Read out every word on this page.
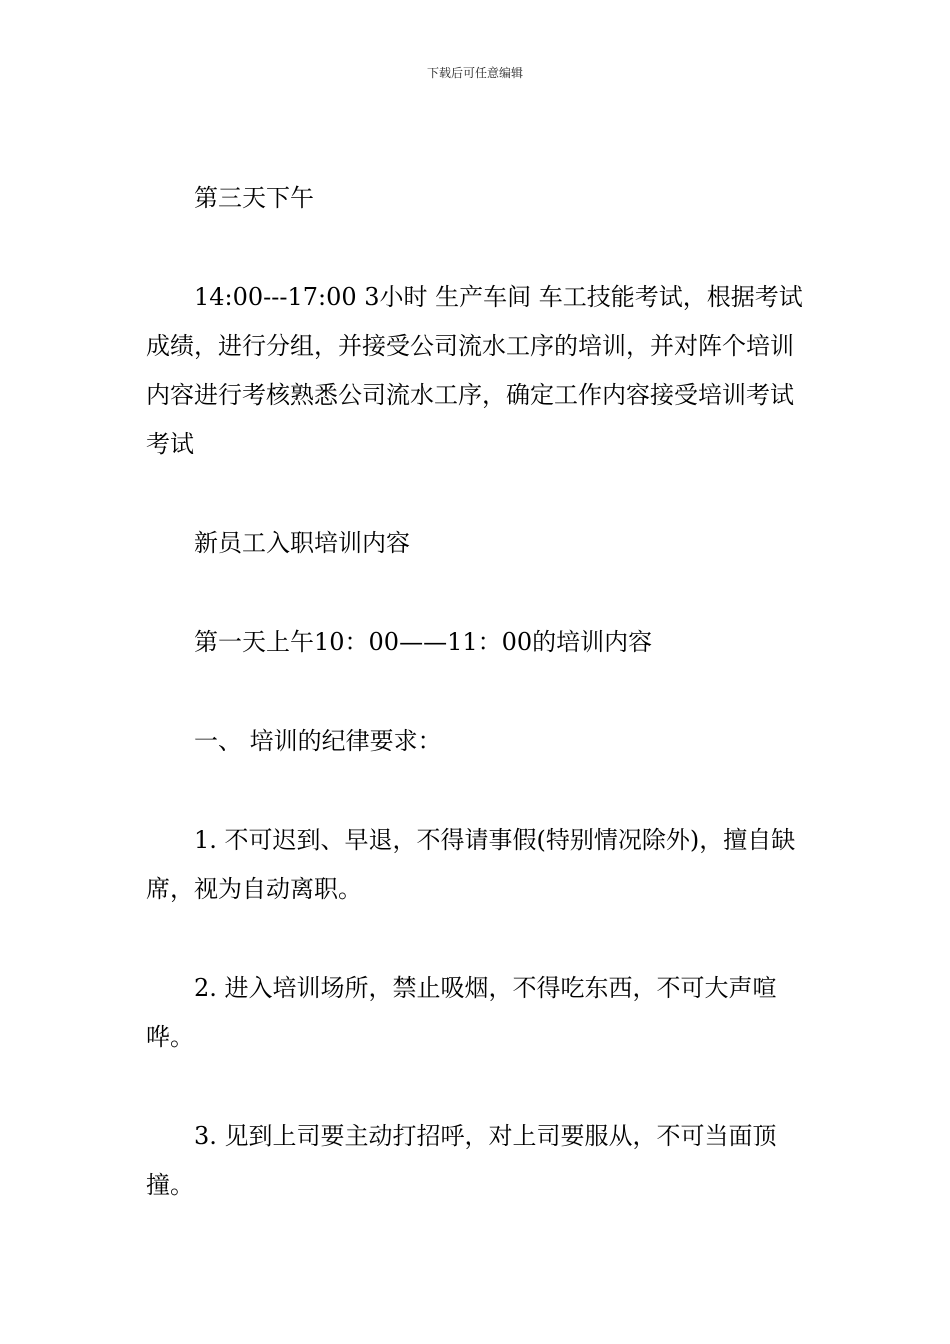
下载后可任意编辑

第三天下午

14:00---17:00 3小时 生产车间 车工技能考试，根据考试成绩，进行分组，并接受公司流水工序的培训，并对阵个培训内容进行考核熟悉公司流水工序，确定工作内容接受培训考试 考试

新员工入职培训内容

第一天上午10：00——11：00的培训内容

一、 培训的纪律要求：

1. 不可迟到、早退，不得请事假(特别情况除外)，擅自缺席，视为自动离职。

2. 进入培训场所，禁止吸烟，不得吃东西，不可大声喧哗。

3. 见到上司要主动打招呼，对上司要服从，不可当面顶撞。
